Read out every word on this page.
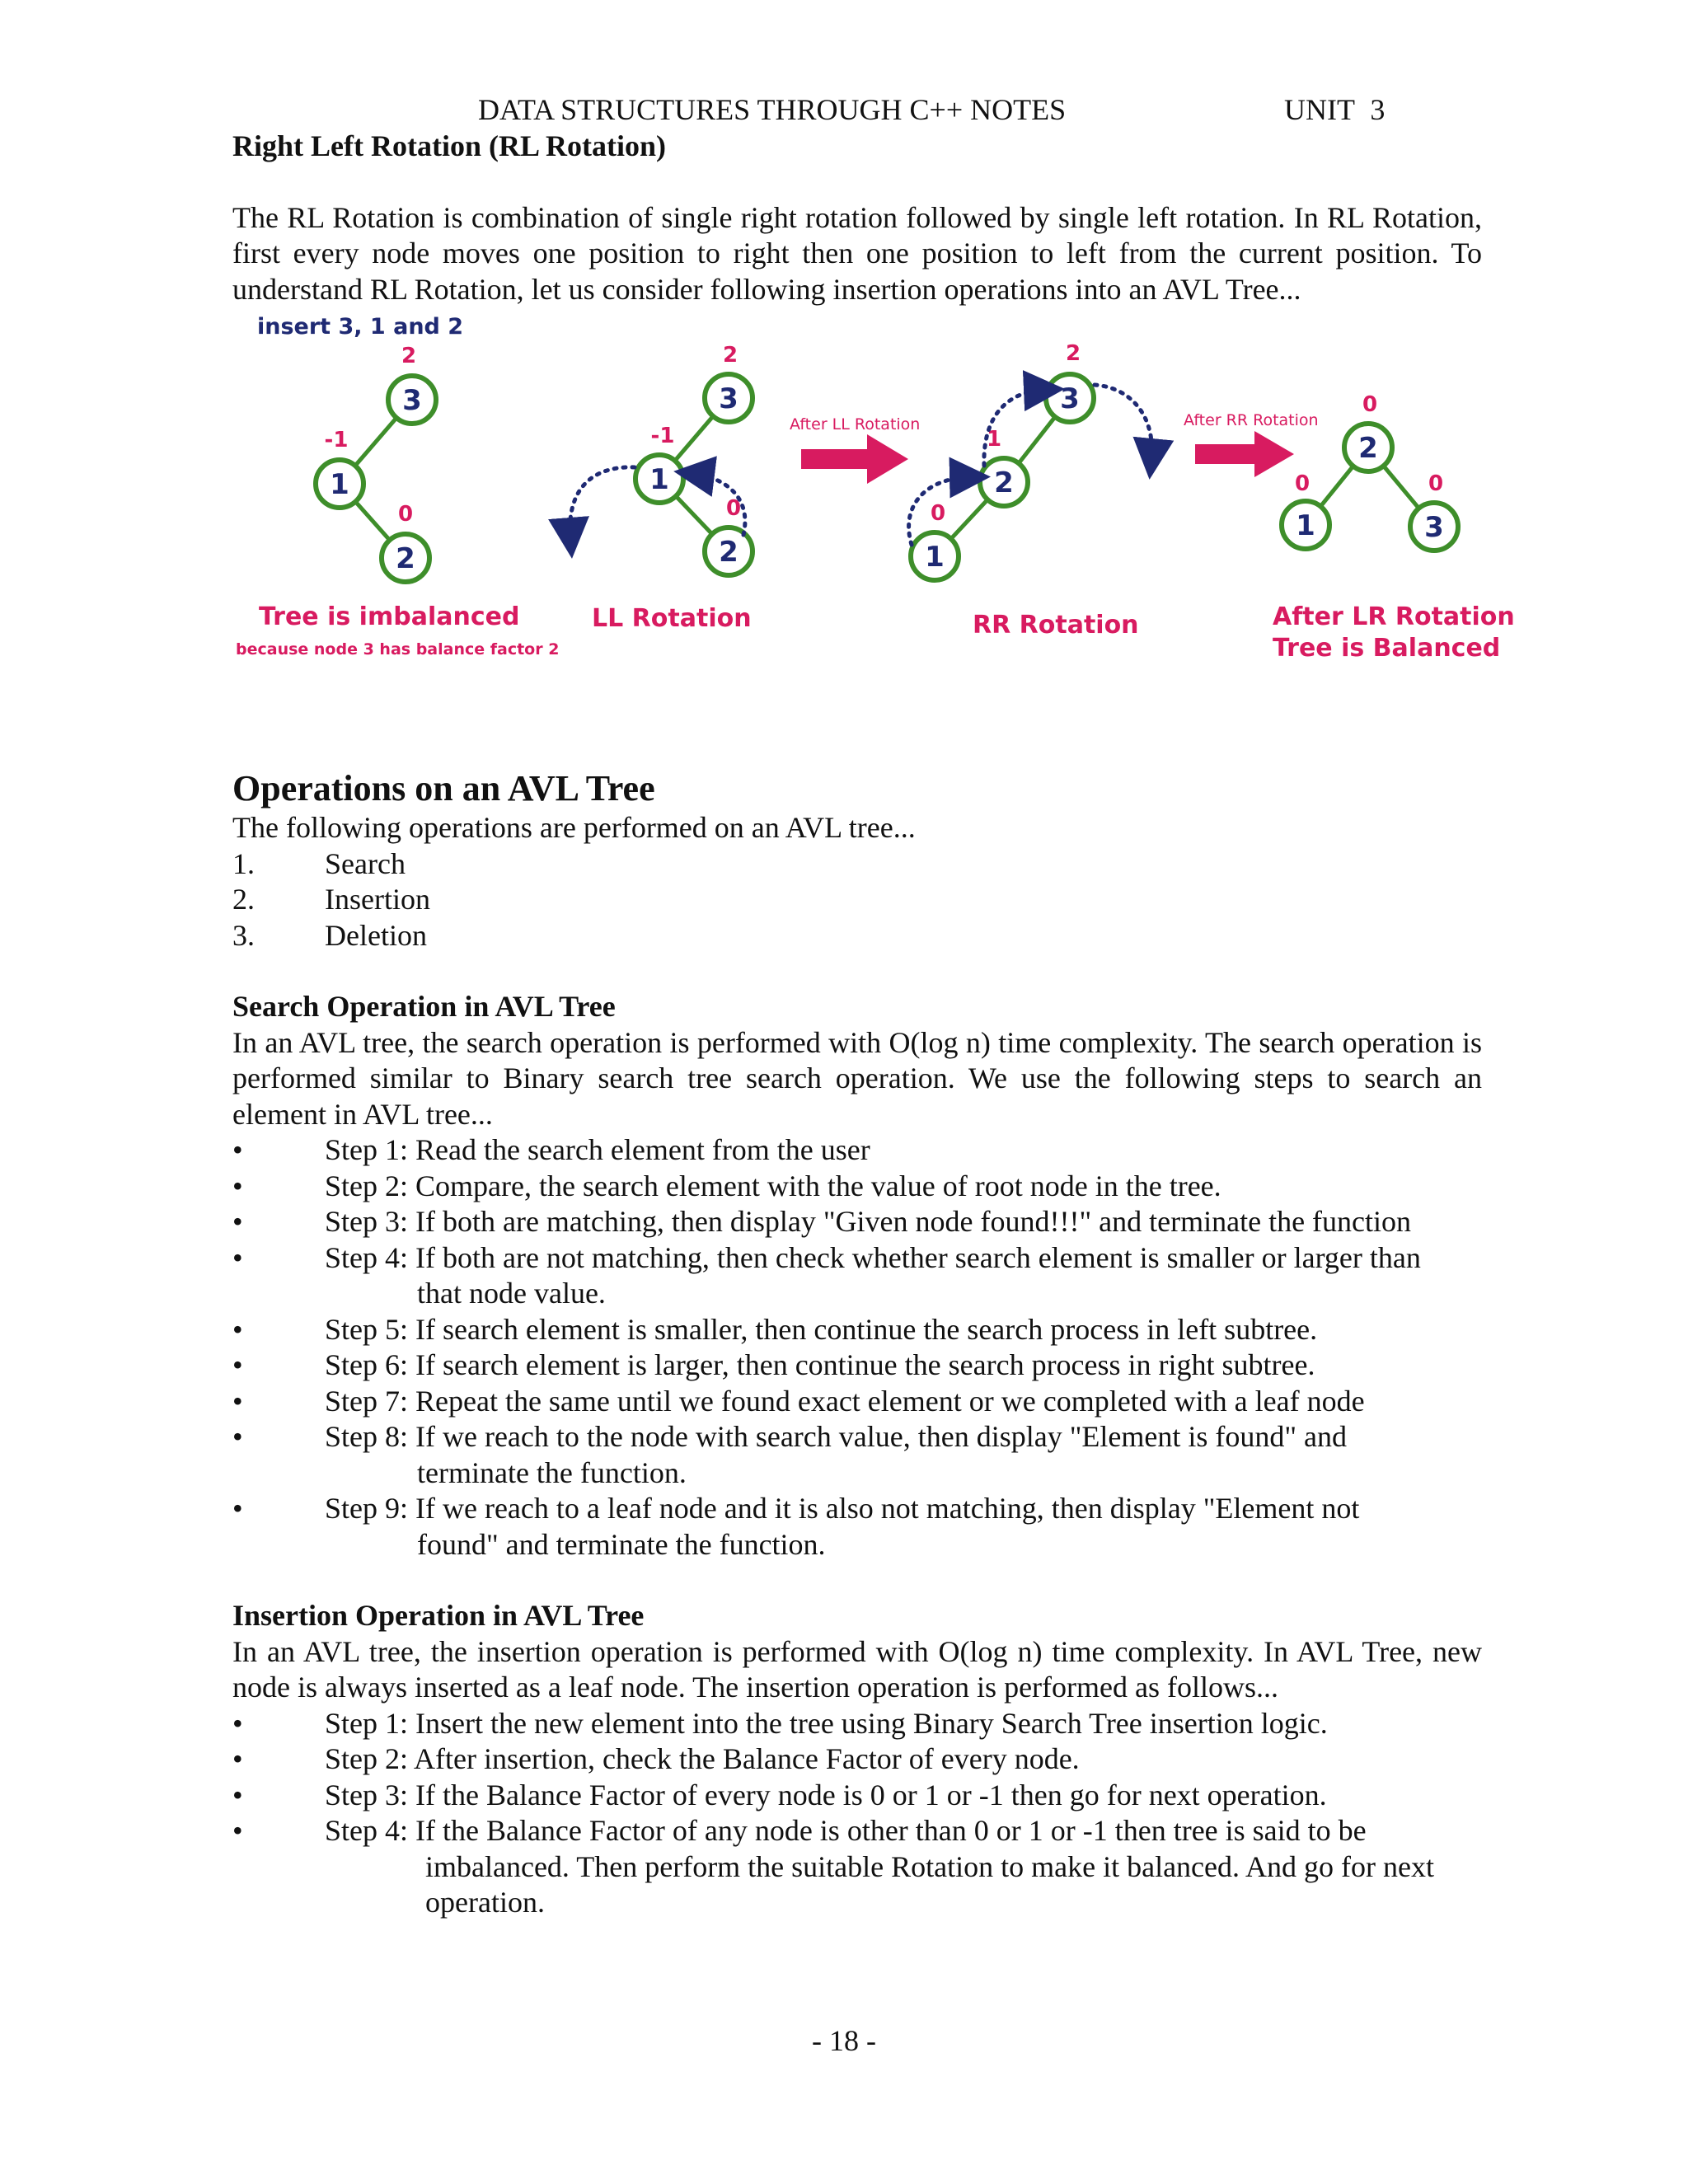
DATA STRUCTURES THROUGH C++ NOTES	UNIT 3

Right Left Rotation (RL Rotation)

The RL Rotation is combination of single right rotation followed by single left rotation. In RL Rotation, first every node moves one position to right then one position to left from the current position. To understand RL Rotation, let us consider following insertion operations into an AVL Tree...

insert 3, 1 and 2
3
1
2
2
-1
0
Tree is imbalanced
because node 3 has balance factor 2
3
1
2
2
-1
0
LL Rotation
After LL Rotation
3
2
1
2
1
0
RR Rotation
After RR Rotation
2
1	3
0
0	0
After LR Rotation
Tree is Balanced

Operations on an AVL Tree

The following operations are performed on an AVL tree...

1.	Search
2.	Insertion
3.	Deletion

Search Operation in AVL Tree

In an AVL tree, the search operation is performed with O(log n) time complexity. The search operation is performed similar to Binary search tree search operation. We use the following steps to search an element in AVL tree...

•	Step 1: Read the search element from the user
•	Step 2: Compare, the search element with the value of root node in the tree.
•	Step 3: If both are matching, then display "Given node found!!!" and terminate the function
•	Step 4: If both are not matching, then check whether search element is smaller or larger than
that node value.
•	Step 5: If search element is smaller, then continue the search process in left subtree.
•	Step 6: If search element is larger, then continue the search process in right subtree.
•	Step 7: Repeat the same until we found exact element or we completed with a leaf node
•	Step 8: If we reach to the node with search value, then display "Element is found" and
terminate the function.
•	Step 9: If we reach to a leaf node and it is also not matching, then display "Element not
found" and terminate the function.

Insertion Operation in AVL Tree

In an AVL tree, the insertion operation is performed with O(log n) time complexity. In AVL Tree, new node is always inserted as a leaf node. The insertion operation is performed as follows...

•	Step 1: Insert the new element into the tree using Binary Search Tree insertion logic.
•	Step 2: After insertion, check the Balance Factor of every node.
•	Step 3: If the Balance Factor of every node is 0 or 1 or -1 then go for next operation.
•	Step 4: If the Balance Factor of any node is other than 0 or 1 or -1 then tree is said to be
imbalanced. Then perform the suitable Rotation to make it balanced. And go for next
operation.
- 18 -
